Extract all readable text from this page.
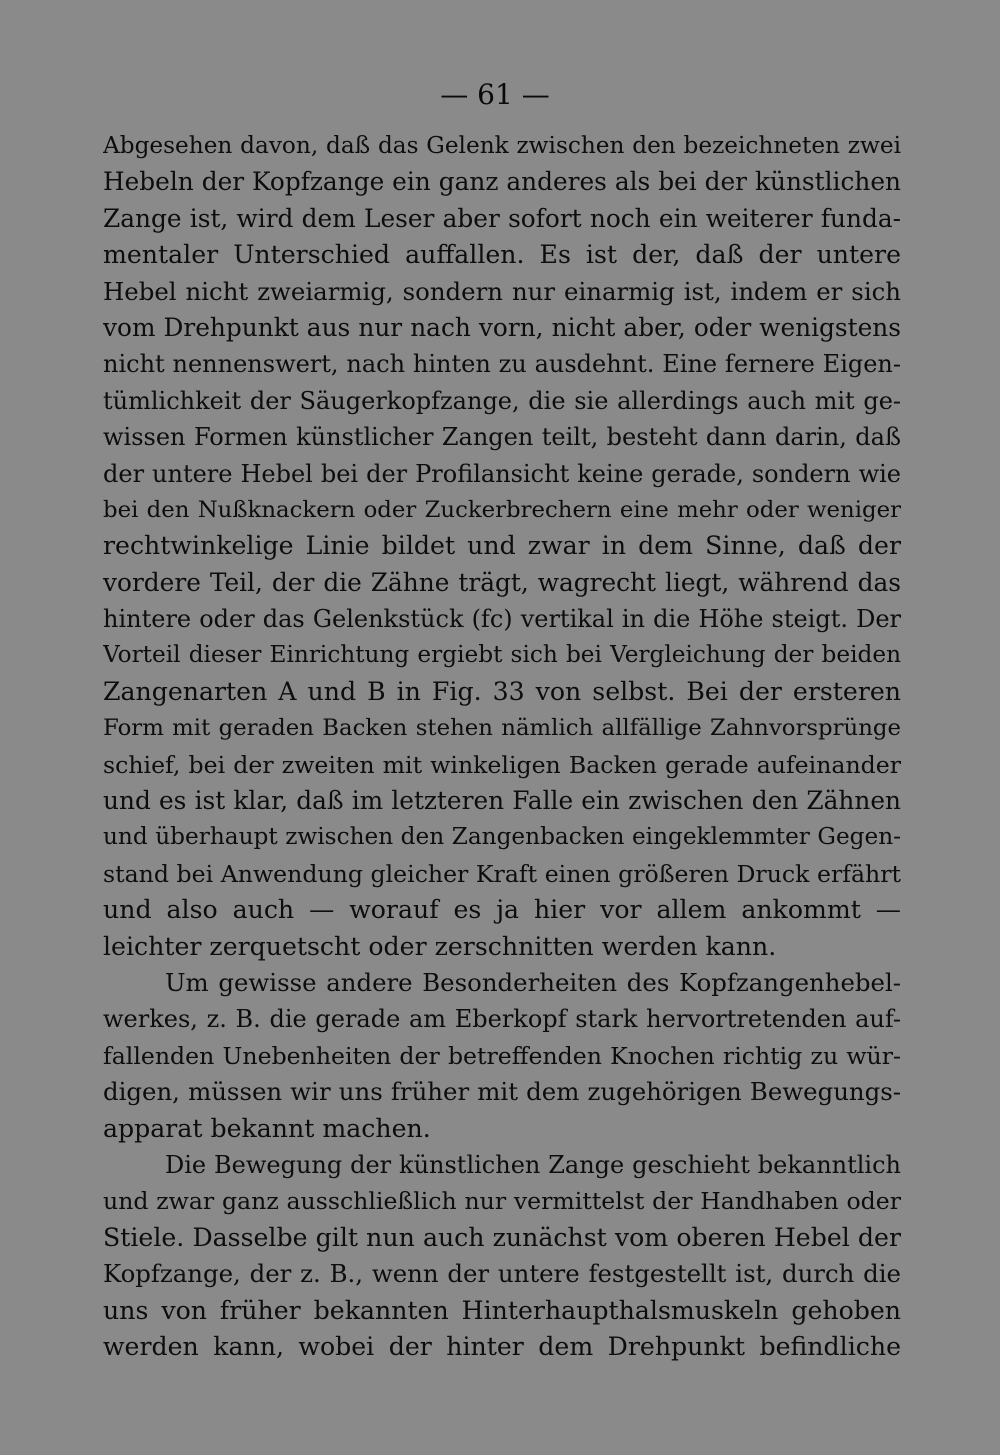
— 61 —
Abgesehen davon, daß das Gelenk zwischen den bezeichneten zwei
Hebeln der Kopfzange ein ganz anderes als bei der künstlichen
Zange ist, wird dem Leser aber sofort noch ein weiterer funda-
mentaler Unterschied auffallen. Es ist der, daß der untere
Hebel nicht zweiarmig, sondern nur einarmig ist, indem er sich
vom Drehpunkt aus nur nach vorn, nicht aber, oder wenigstens
nicht nennenswert, nach hinten zu ausdehnt. Eine fernere Eigen-
tümlichkeit der Säugerkopfzange, die sie allerdings auch mit ge-
wissen Formen künstlicher Zangen teilt, besteht dann darin, daß
der untere Hebel bei der Profilansicht keine gerade, sondern wie
bei den Nußknackern oder Zuckerbrechern eine mehr oder weniger
rechtwinkelige Linie bildet und zwar in dem Sinne, daß der
vordere Teil, der die Zähne trägt, wagrecht liegt, während das
hintere oder das Gelenkstück (fc) vertikal in die Höhe steigt. Der
Vorteil dieser Einrichtung ergiebt sich bei Vergleichung der beiden
Zangenarten A und B in Fig. 33 von selbst. Bei der ersteren
Form mit geraden Backen stehen nämlich allfällige Zahnvorsprünge
schief, bei der zweiten mit winkeligen Backen gerade aufeinander
und es ist klar, daß im letzteren Falle ein zwischen den Zähnen
und überhaupt zwischen den Zangenbacken eingeklemmter Gegen-
stand bei Anwendung gleicher Kraft einen größeren Druck erfährt
und also auch — worauf es ja hier vor allem ankommt —
leichter zerquetscht oder zerschnitten werden kann.
Um gewisse andere Besonderheiten des Kopfzangenhebel-
werkes, z. B. die gerade am Eberkopf stark hervortretenden auf-
fallenden Unebenheiten der betreffenden Knochen richtig zu wür-
digen, müssen wir uns früher mit dem zugehörigen Bewegungs-
apparat bekannt machen.
Die Bewegung der künstlichen Zange geschieht bekanntlich
und zwar ganz ausschließlich nur vermittelst der Handhaben oder
Stiele. Dasselbe gilt nun auch zunächst vom oberen Hebel der
Kopfzange, der z. B., wenn der untere festgestellt ist, durch die
uns von früher bekannten Hinterhaupthalsmuskeln gehoben
werden kann, wobei der hinter dem Drehpunkt befindliche
